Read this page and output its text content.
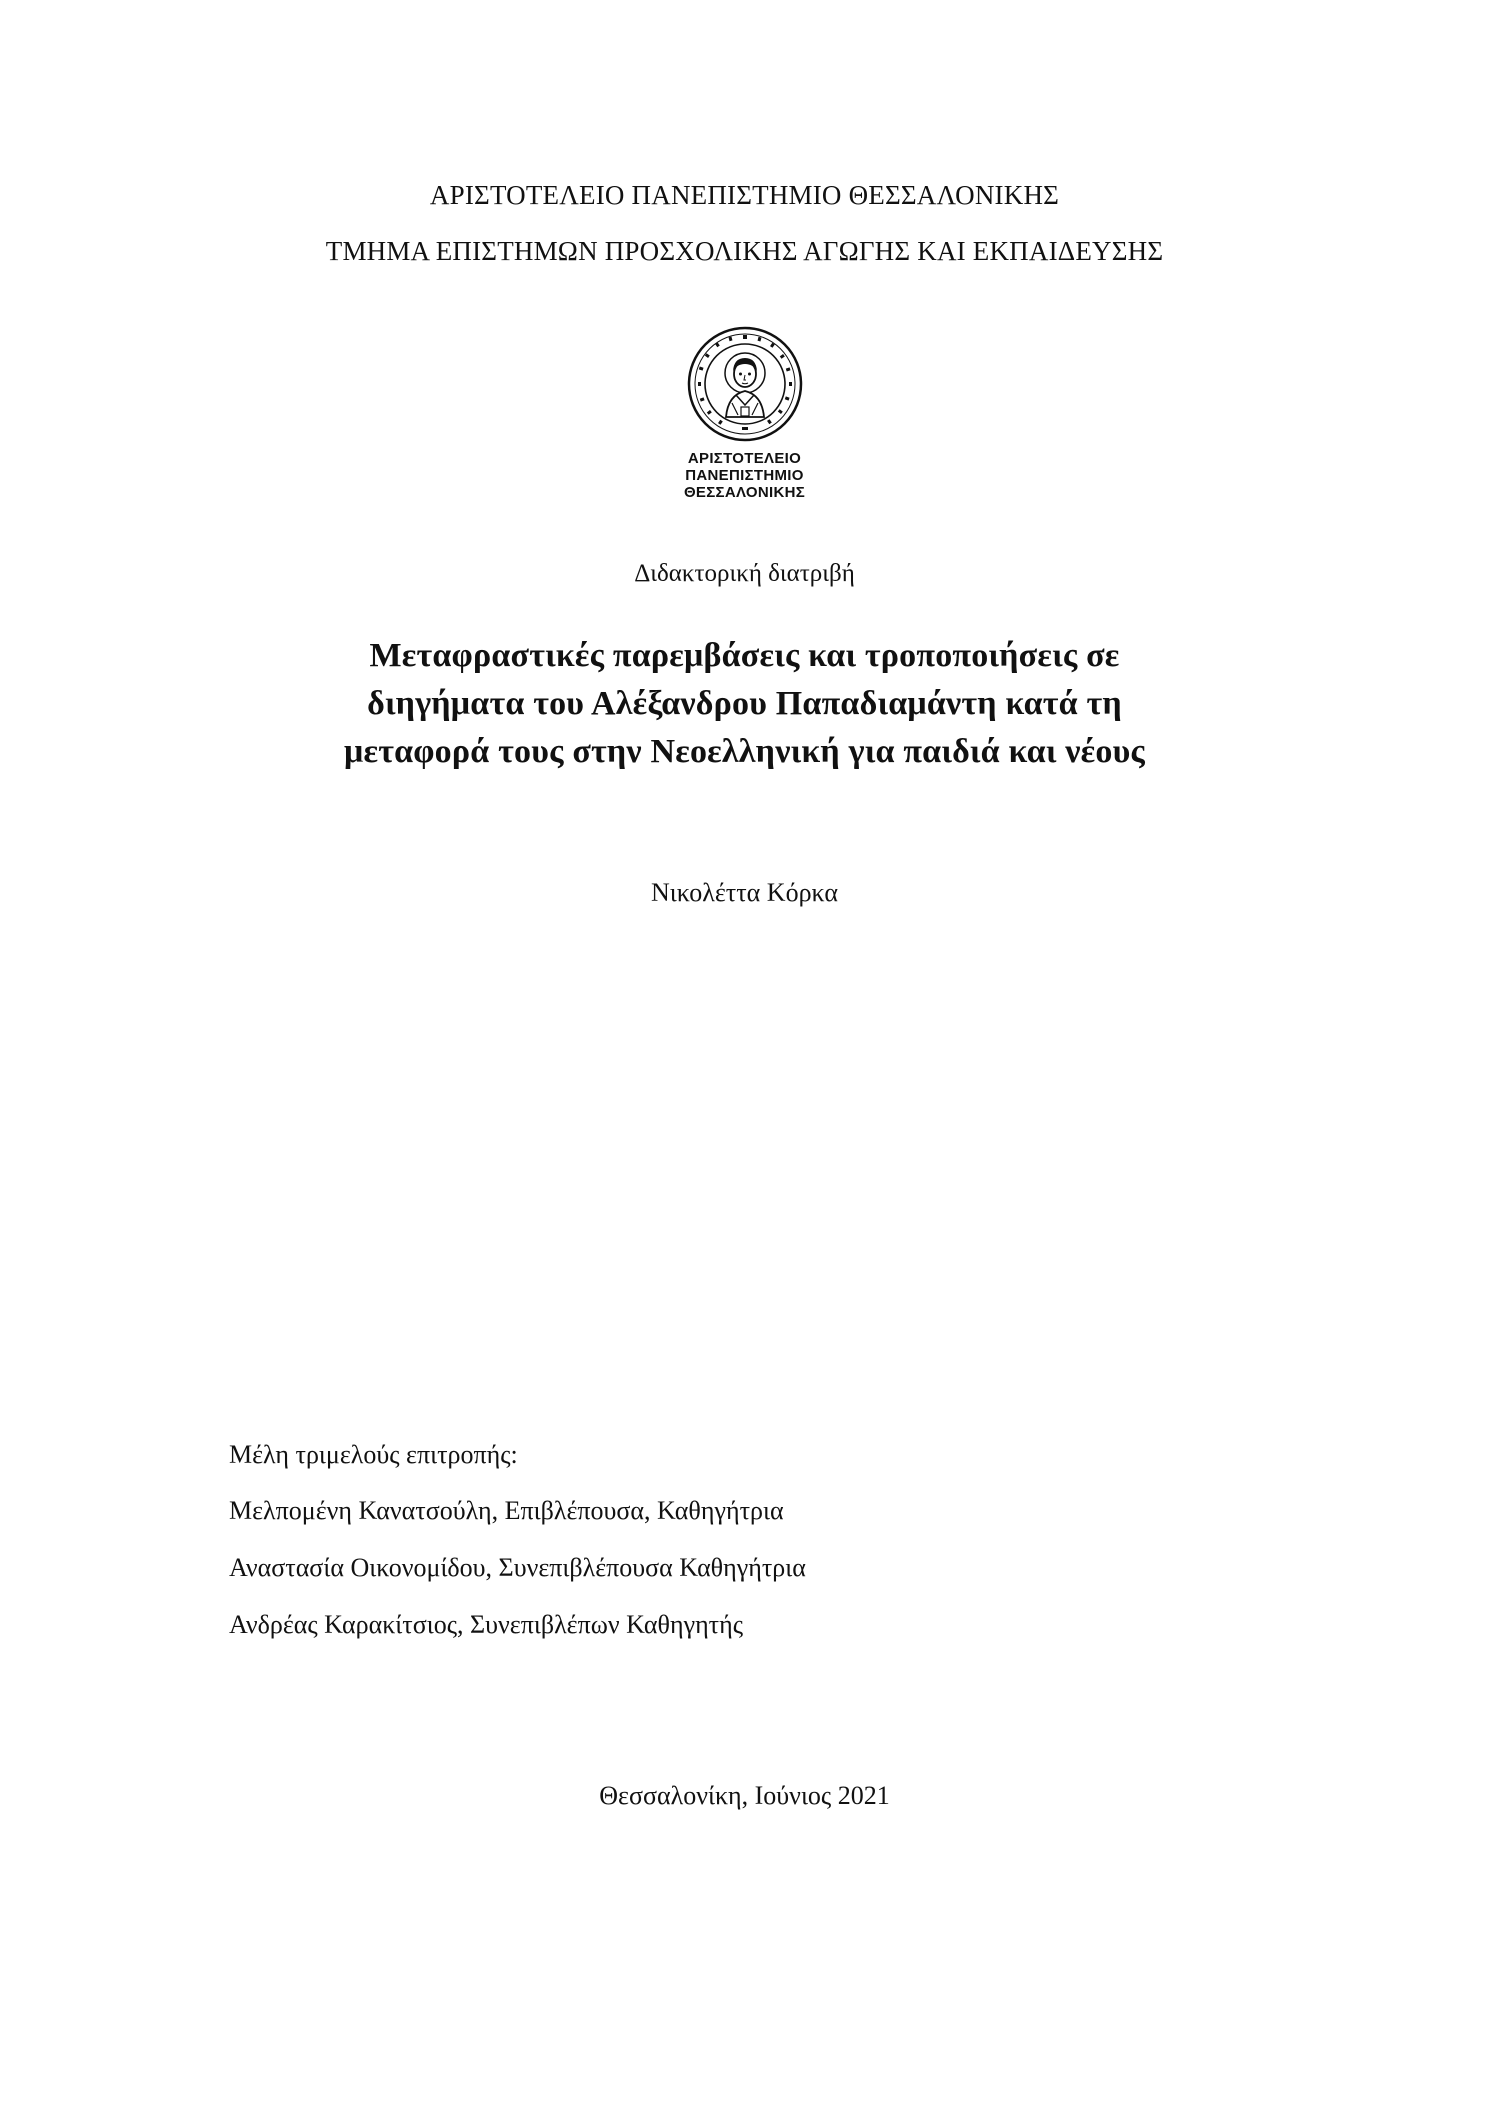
ΑΡΙΣΤΟΤΕΛΕΙΟ ΠΑΝΕΠΙΣΤΗΜΙΟ ΘΕΣΣΑΛΟΝΙΚΗΣ
ΤΜΗΜΑ ΕΠΙΣΤΗΜΩΝ ΠΡΟΣΧΟΛΙΚΗΣ ΑΓΩΓΗΣ ΚΑΙ ΕΚΠΑΙΔΕΥΣΗΣ
ΑΡΙΣΤΟΤΕΛΕΙΟ
ΠΑΝΕΠΙΣΤΗΜΙΟ
ΘΕΣΣΑΛΟΝΙΚΗΣ
Διδακτορική διατριβή
Μεταφραστικές παρεμβάσεις και τροποποιήσεις σε
διηγήματα του Αλέξανδρου Παπαδιαμάντη κατά τη
μεταφορά τους στην Νεοελληνική για παιδιά και νέους
Νικολέττα Κόρκα
Μέλη τριμελούς επιτροπής:
Μελπομένη Κανατσούλη, Επιβλέπουσα, Καθηγήτρια
Αναστασία Οικονομίδου, Συνεπιβλέπουσα Καθηγήτρια
Ανδρέας Καρακίτσιος, Συνεπιβλέπων Καθηγητής
Θεσσαλονίκη, Ιούνιος 2021
